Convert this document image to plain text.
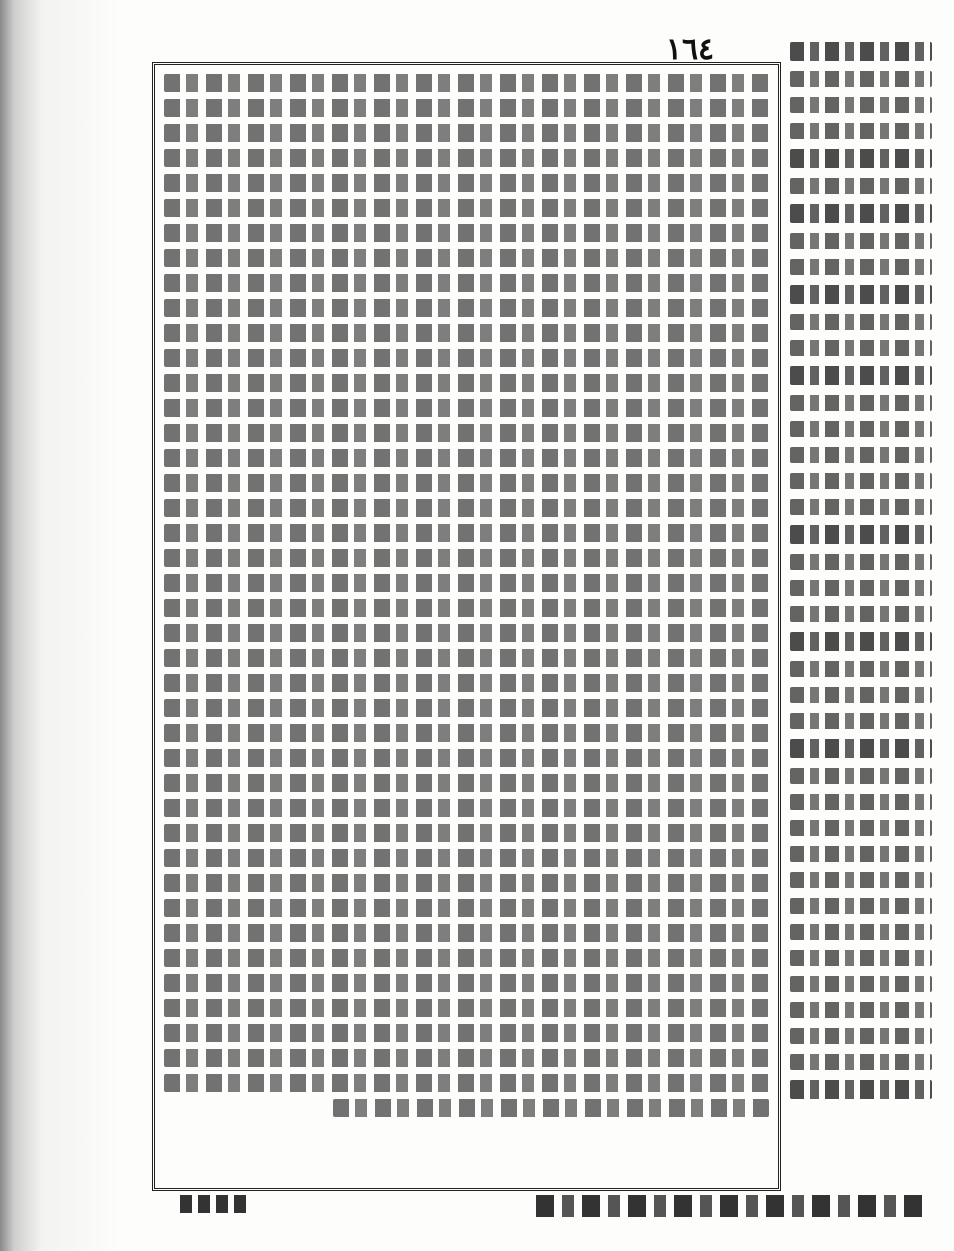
١٦٤
